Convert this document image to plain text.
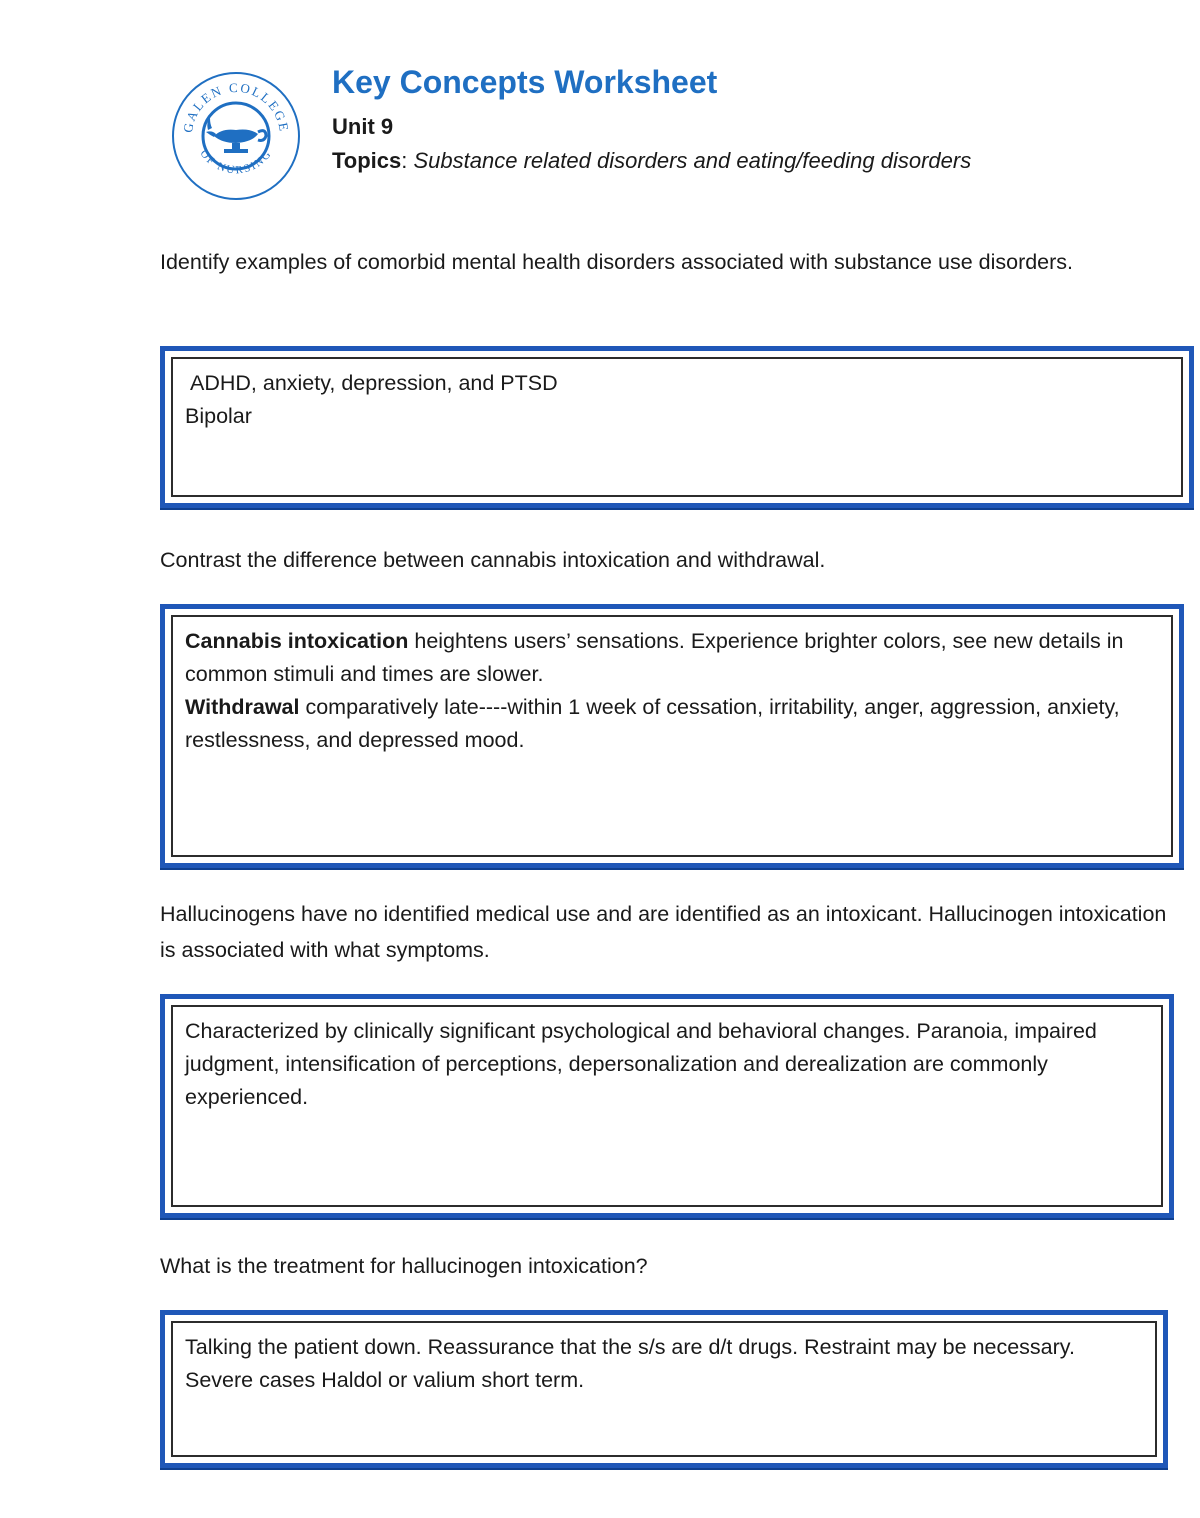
GALEN COLLEGE
OF NURSING
Key Concepts Worksheet
Unit 9
Topics: Substance related disorders and eating/feeding disorders

Identify examples of comorbid mental health disorders associated with substance use disorders.

ADHD, anxiety, depression, and PTSD

Bipolar

Contrast the difference between cannabis intoxication and withdrawal.

Cannabis intoxication heightens users’ sensations. Experience brighter colors, see new details in common stimuli and times are slower.

Withdrawal comparatively late----within 1 week of cessation, irritability, anger, aggression, anxiety, restlessness, and depressed mood.

Hallucinogens have no identified medical use and are identified as an intoxicant. Hallucinogen intoxication is associated with what symptoms.

Characterized by clinically significant psychological and behavioral changes. Paranoia, impaired judgment, intensification of perceptions, depersonalization and derealization are commonly experienced.

What is the treatment for hallucinogen intoxication?

Talking the patient down. Reassurance that the s/s are d/t drugs. Restraint may be necessary. Severe cases Haldol or valium short term.
